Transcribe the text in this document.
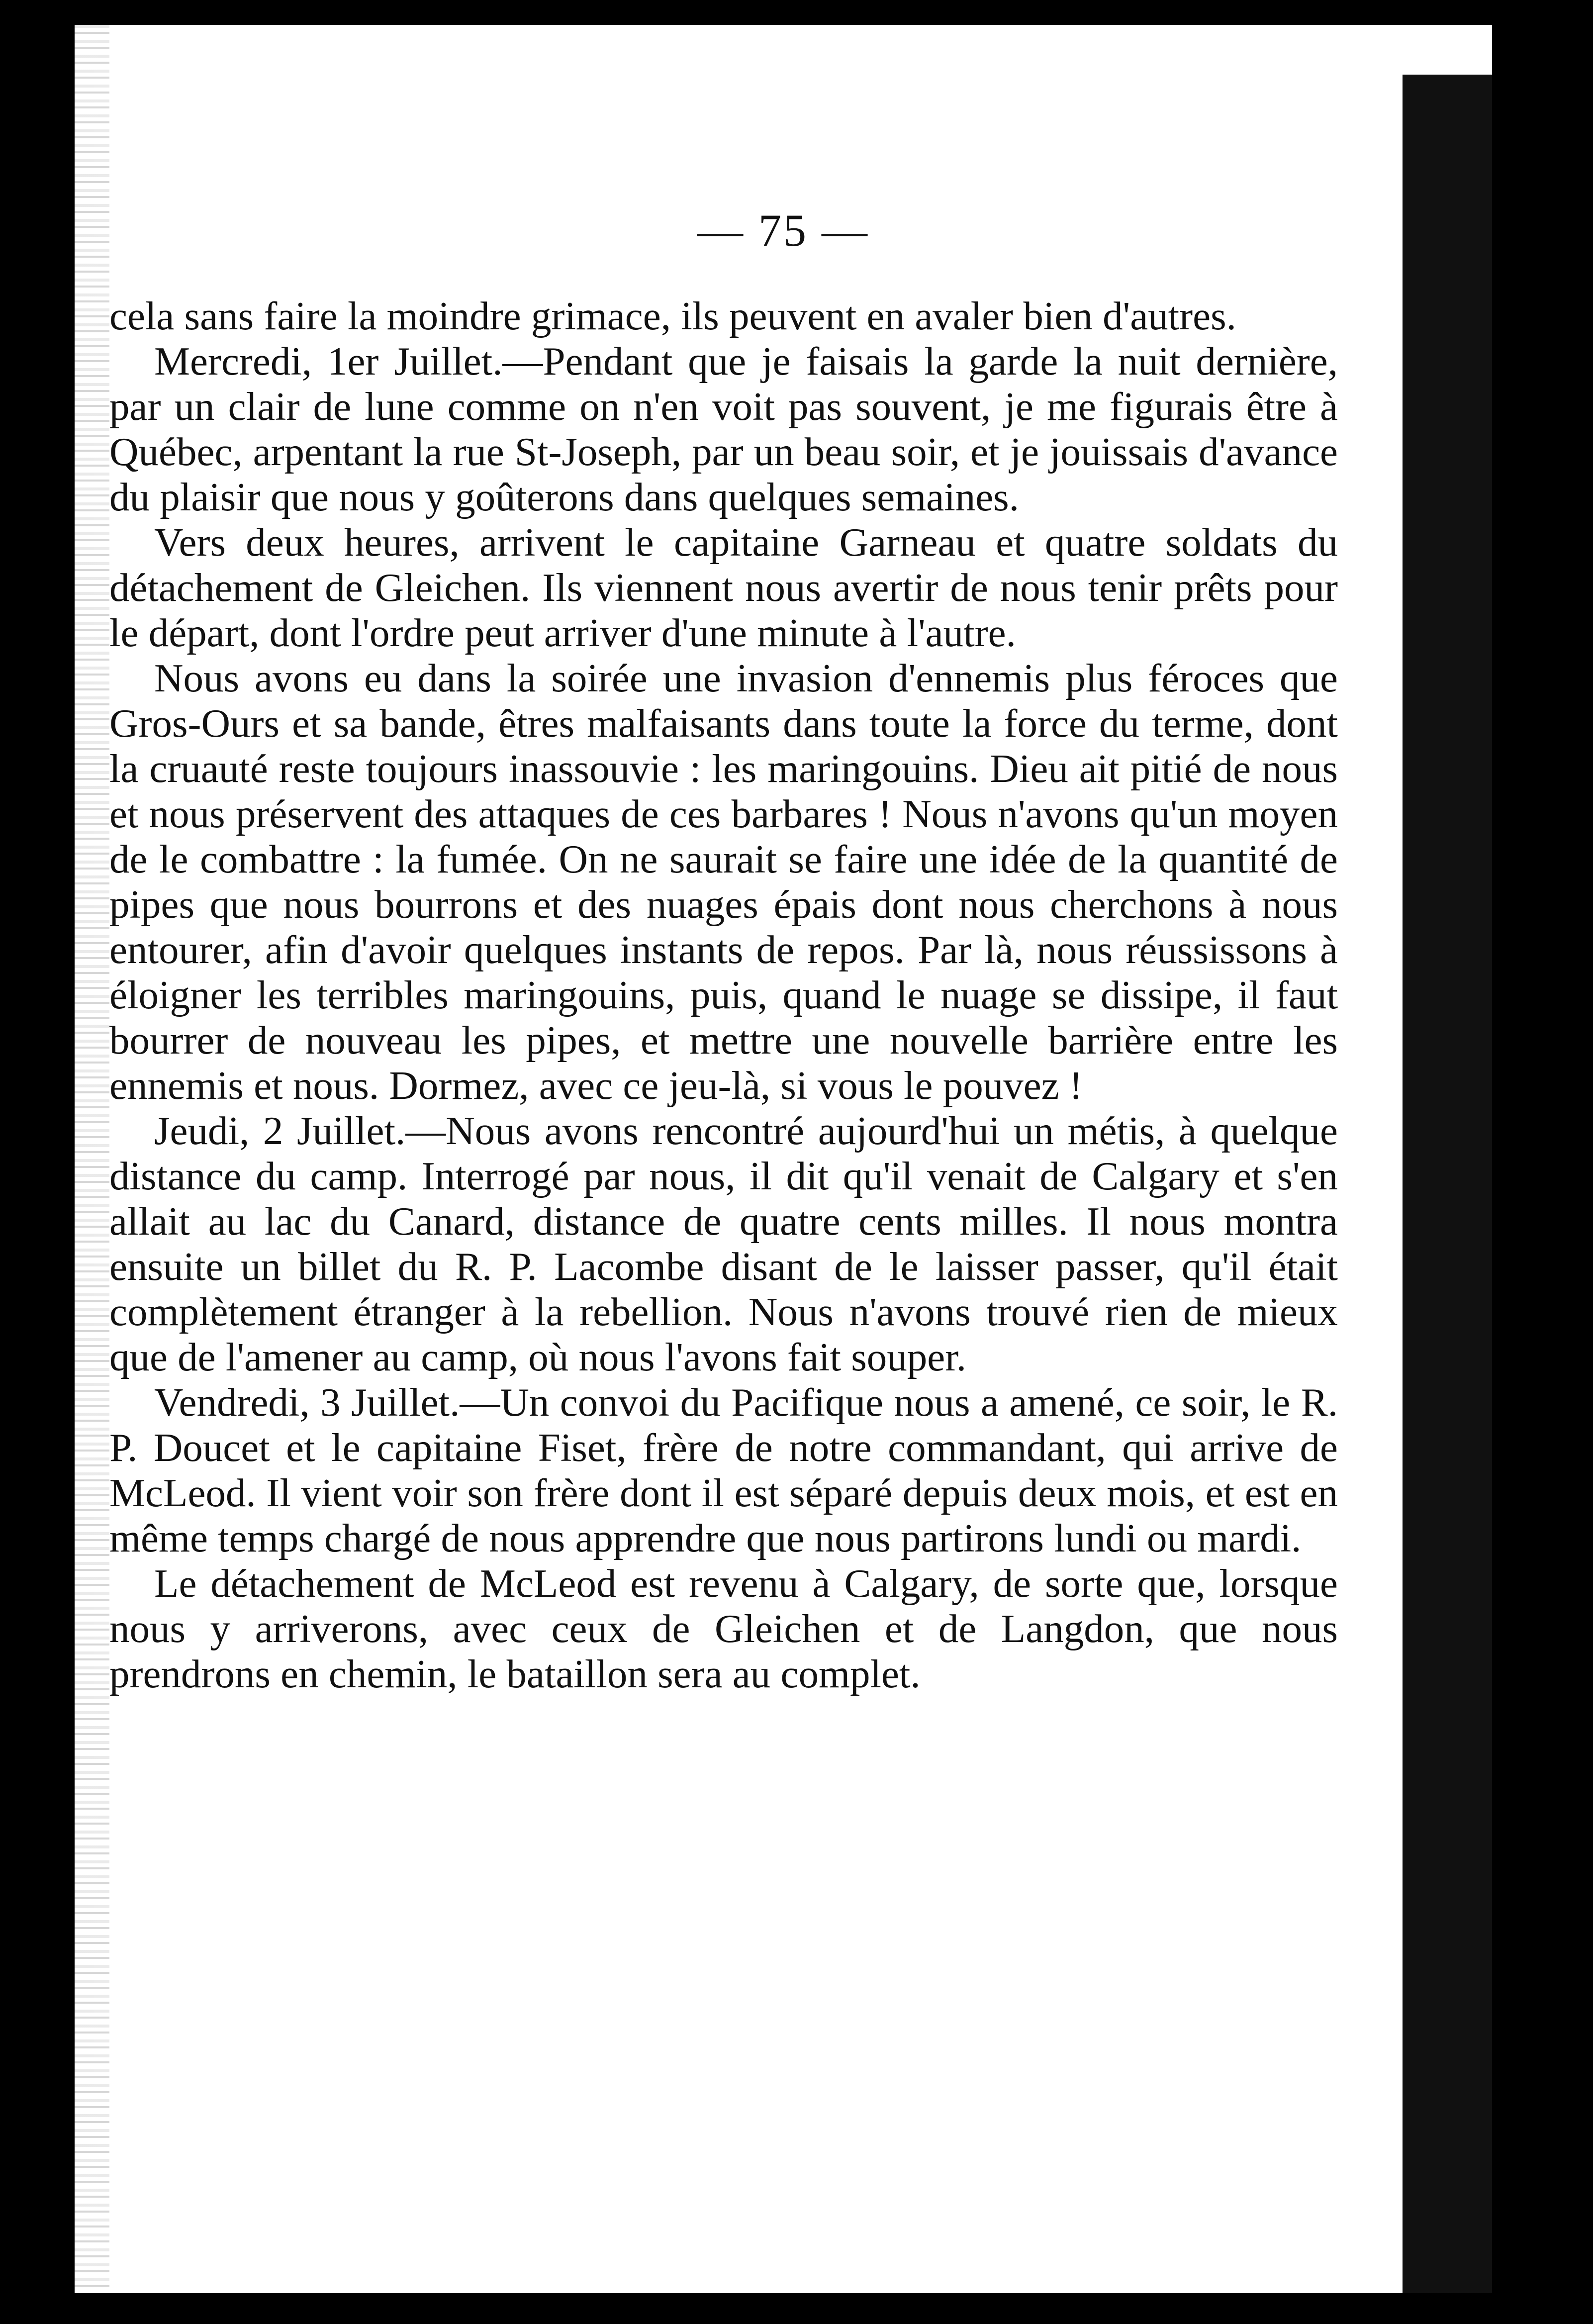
— 75 —

cela sans faire la moindre grimace, ils peuvent en avaler bien d'autres.

Mercredi, 1er Juillet.—Pendant que je faisais la garde la nuit dernière, par un clair de lune comme on n'en voit pas souvent, je me figurais être à Québec, arpentant la rue St-Joseph, par un beau soir, et je jouissais d'avance du plaisir que nous y goûterons dans quelques semaines.

Vers deux heures, arrivent le capitaine Garneau et quatre soldats du détachement de Gleichen. Ils viennent nous avertir de nous tenir prêts pour le départ, dont l'ordre peut arriver d'une minute à l'autre.

Nous avons eu dans la soirée une invasion d'ennemis plus féroces que Gros-Ours et sa bande, êtres malfaisants dans toute la force du terme, dont la cruauté reste toujours inassouvie : les maringouins. Dieu ait pitié de nous et nous préservent des attaques de ces barbares ! Nous n'avons qu'un moyen de le combattre : la fumée. On ne saurait se faire une idée de la quantité de pipes que nous bourrons et des nuages épais dont nous cherchons à nous entourer, afin d'avoir quelques instants de repos. Par là, nous réussissons à éloigner les terribles maringouins, puis, quand le nuage se dissipe, il faut bourrer de nouveau les pipes, et mettre une nouvelle barrière entre les ennemis et nous. Dormez, avec ce jeu-là, si vous le pouvez !

Jeudi, 2 Juillet.—Nous avons rencontré aujourd'hui un métis, à quelque distance du camp. Interrogé par nous, il dit qu'il venait de Calgary et s'en allait au lac du Canard, distance de quatre cents milles. Il nous montra ensuite un billet du R. P. Lacombe disant de le laisser passer, qu'il était complètement étranger à la rebellion. Nous n'avons trouvé rien de mieux que de l'amener au camp, où nous l'avons fait souper.

Vendredi, 3 Juillet.—Un convoi du Pacifique nous a amené, ce soir, le R. P. Doucet et le capitaine Fiset, frère de notre commandant, qui arrive de McLeod. Il vient voir son frère dont il est séparé depuis deux mois, et est en même temps chargé de nous apprendre que nous partirons lundi ou mardi.

Le détachement de McLeod est revenu à Calgary, de sorte que, lorsque nous y arriverons, avec ceux de Gleichen et de Langdon, que nous prendrons en chemin, le bataillon sera au complet.
